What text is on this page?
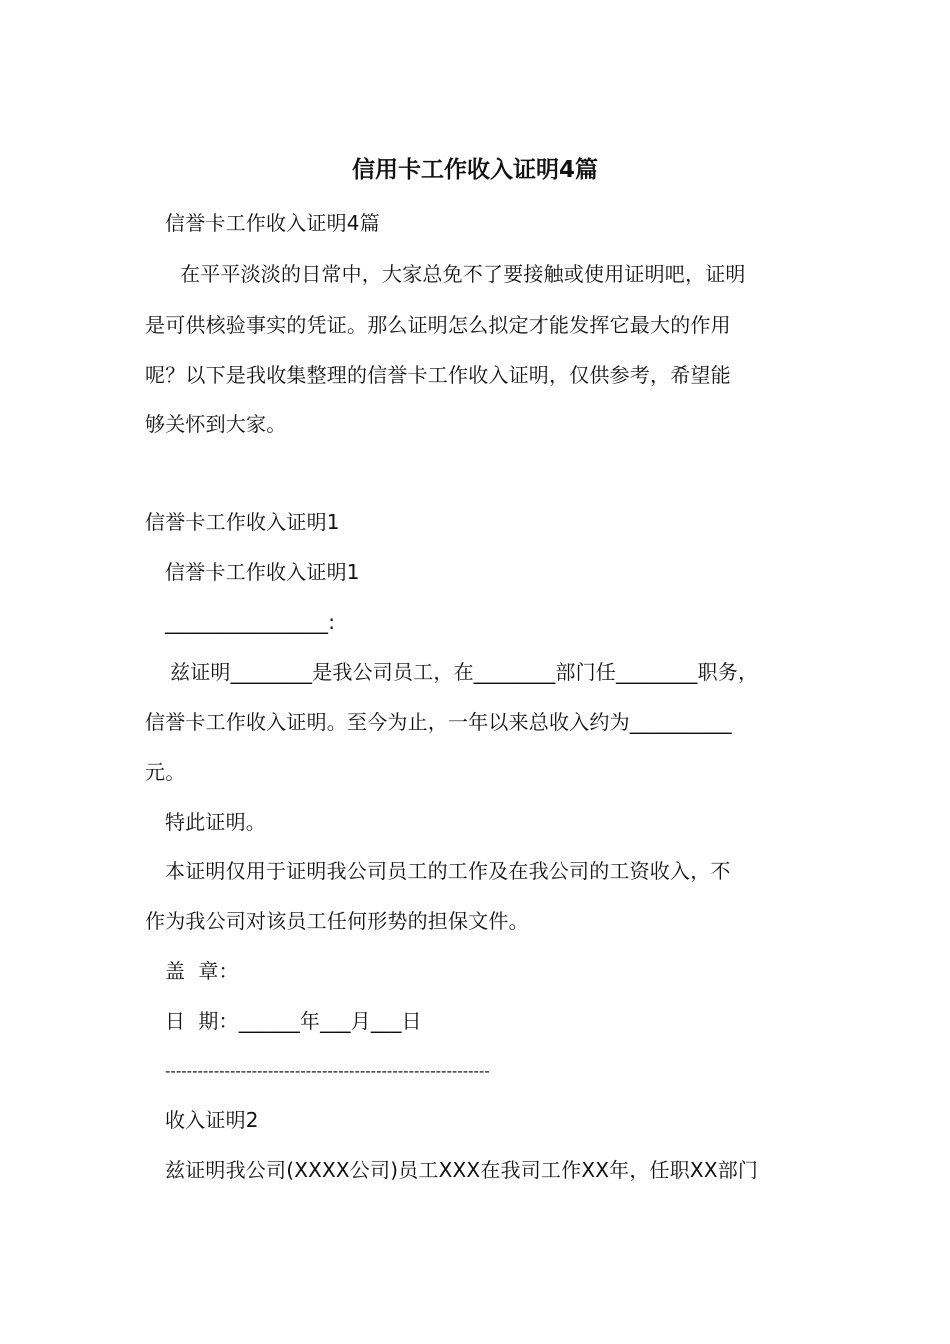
信用卡工作收入证明4篇
信誉卡工作收入证明4篇
在平平淡淡的日常中，大家总免不了要接触或使用证明吧，证明
是可供核验事实的凭证。那么证明怎么拟定才能发挥它最大的作用
呢？以下是我收集整理的信誉卡工作收入证明，仅供参考，希望能
够关怀到大家。
信誉卡工作收入证明1
信誉卡工作收入证明1
________________:
兹证明________是我公司员工，在________部门任________职务，
信誉卡工作收入证明。至今为止，一年以来总收入约为__________
元。
特此证明。
本证明仅用于证明我公司员工的工作及在我公司的工资收入，不
作为我公司对该员工任何形势的担保文件。
盖  章：
日  期：______年___月___日
------------------------------------------------------------
收入证明2
兹证明我公司(XXXX公司)员工XXX在我司工作XX年，任职XX部门
